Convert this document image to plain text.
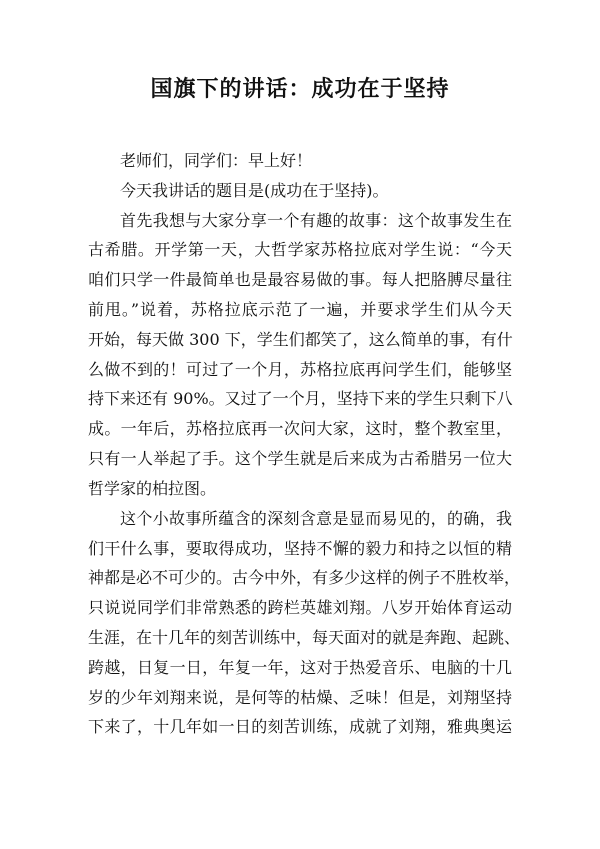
国旗下的讲话：成功在于坚持
老师们，同学们：早上好！
今天我讲话的题目是(成功在于坚持)。
首先我想与大家分享一个有趣的故事：这个故事发生在
古希腊。开学第一天，大哲学家苏格拉底对学生说：“今天
咱们只学一件最简单也是最容易做的事。每人把胳膊尽量往
前甩。”说着，苏格拉底示范了一遍，并要求学生们从今天
开始，每天做 300 下，学生们都笑了，这么简单的事，有什
么做不到的！可过了一个月，苏格拉底再问学生们，能够坚
持下来还有 90%。又过了一个月，坚持下来的学生只剩下八
成。一年后，苏格拉底再一次问大家，这时，整个教室里，
只有一人举起了手。这个学生就是后来成为古希腊另一位大
哲学家的柏拉图。
这个小故事所蕴含的深刻含意是显而易见的，的确，我
们干什么事，要取得成功，坚持不懈的毅力和持之以恒的精
神都是必不可少的。古今中外，有多少这样的例子不胜枚举，
只说说同学们非常熟悉的跨栏英雄刘翔。八岁开始体育运动
生涯，在十几年的刻苦训练中，每天面对的就是奔跑、起跳、
跨越，日复一日，年复一年，这对于热爱音乐、电脑的十几
岁的少年刘翔来说，是何等的枯燥、乏味！但是，刘翔坚持
下来了，十几年如一日的刻苦训练，成就了刘翔，雅典奥运
